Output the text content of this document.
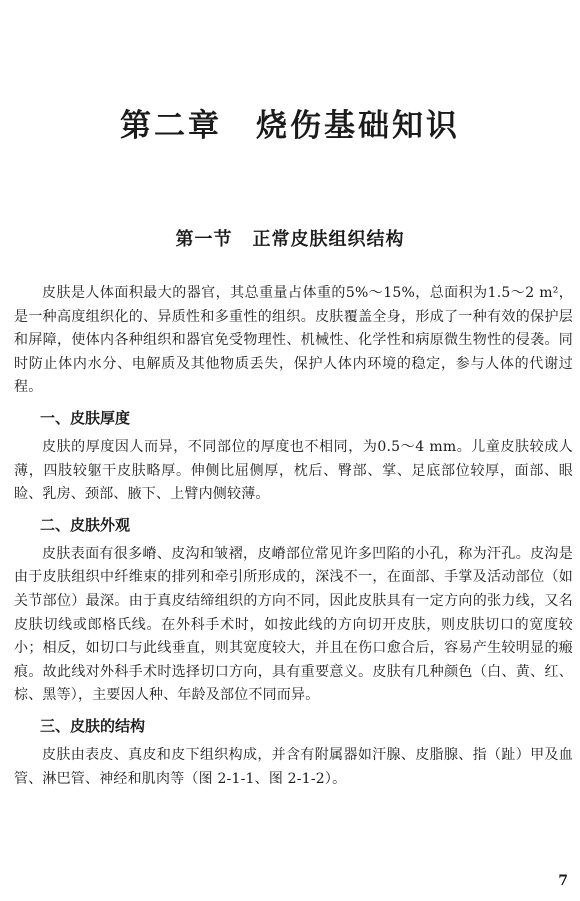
第二章 烧伤基础知识
第一节 正常皮肤组织结构

皮肤是人体面积最大的器官，其总重量占体重的5%～15%，总面积为1.5～2 m²，是一种高度组织化的、异质性和多重性的组织。皮肤覆盖全身，形成了一种有效的保护层和屏障，使体内各种组织和器官免受物理性、机械性、化学性和病原微生物性的侵袭。同时防止体内水分、电解质及其他物质丢失，保护人体内环境的稳定，参与人体的代谢过程。

一、皮肤厚度

皮肤的厚度因人而异，不同部位的厚度也不相同，为0.5～4 mm。儿童皮肤较成人薄，四肢较躯干皮肤略厚。伸侧比屈侧厚，枕后、臀部、掌、足底部位较厚，面部、眼睑、乳房、颈部、腋下、上臂内侧较薄。

二、皮肤外观

皮肤表面有很多嵴、皮沟和皱褶，皮嵴部位常见许多凹陷的小孔，称为汗孔。皮沟是由于皮肤组织中纤维束的排列和牵引所形成的，深浅不一，在面部、手掌及活动部位（如关节部位）最深。由于真皮结缔组织的方向不同，因此皮肤具有一定方向的张力线，又名皮肤切线或郎格氏线。在外科手术时，如按此线的方向切开皮肤，则皮肤切口的宽度较小；相反，如切口与此线垂直，则其宽度较大，并且在伤口愈合后，容易产生较明显的瘢痕。故此线对外科手术时选择切口方向，具有重要意义。皮肤有几种颜色（白、黄、红、棕、黑等），主要因人种、年龄及部位不同而异。

三、皮肤的结构

皮肤由表皮、真皮和皮下组织构成，并含有附属器如汗腺、皮脂腺、指（趾）甲及血管、淋巴管、神经和肌肉等（图 2-1-1、图 2-1-2）。

7
